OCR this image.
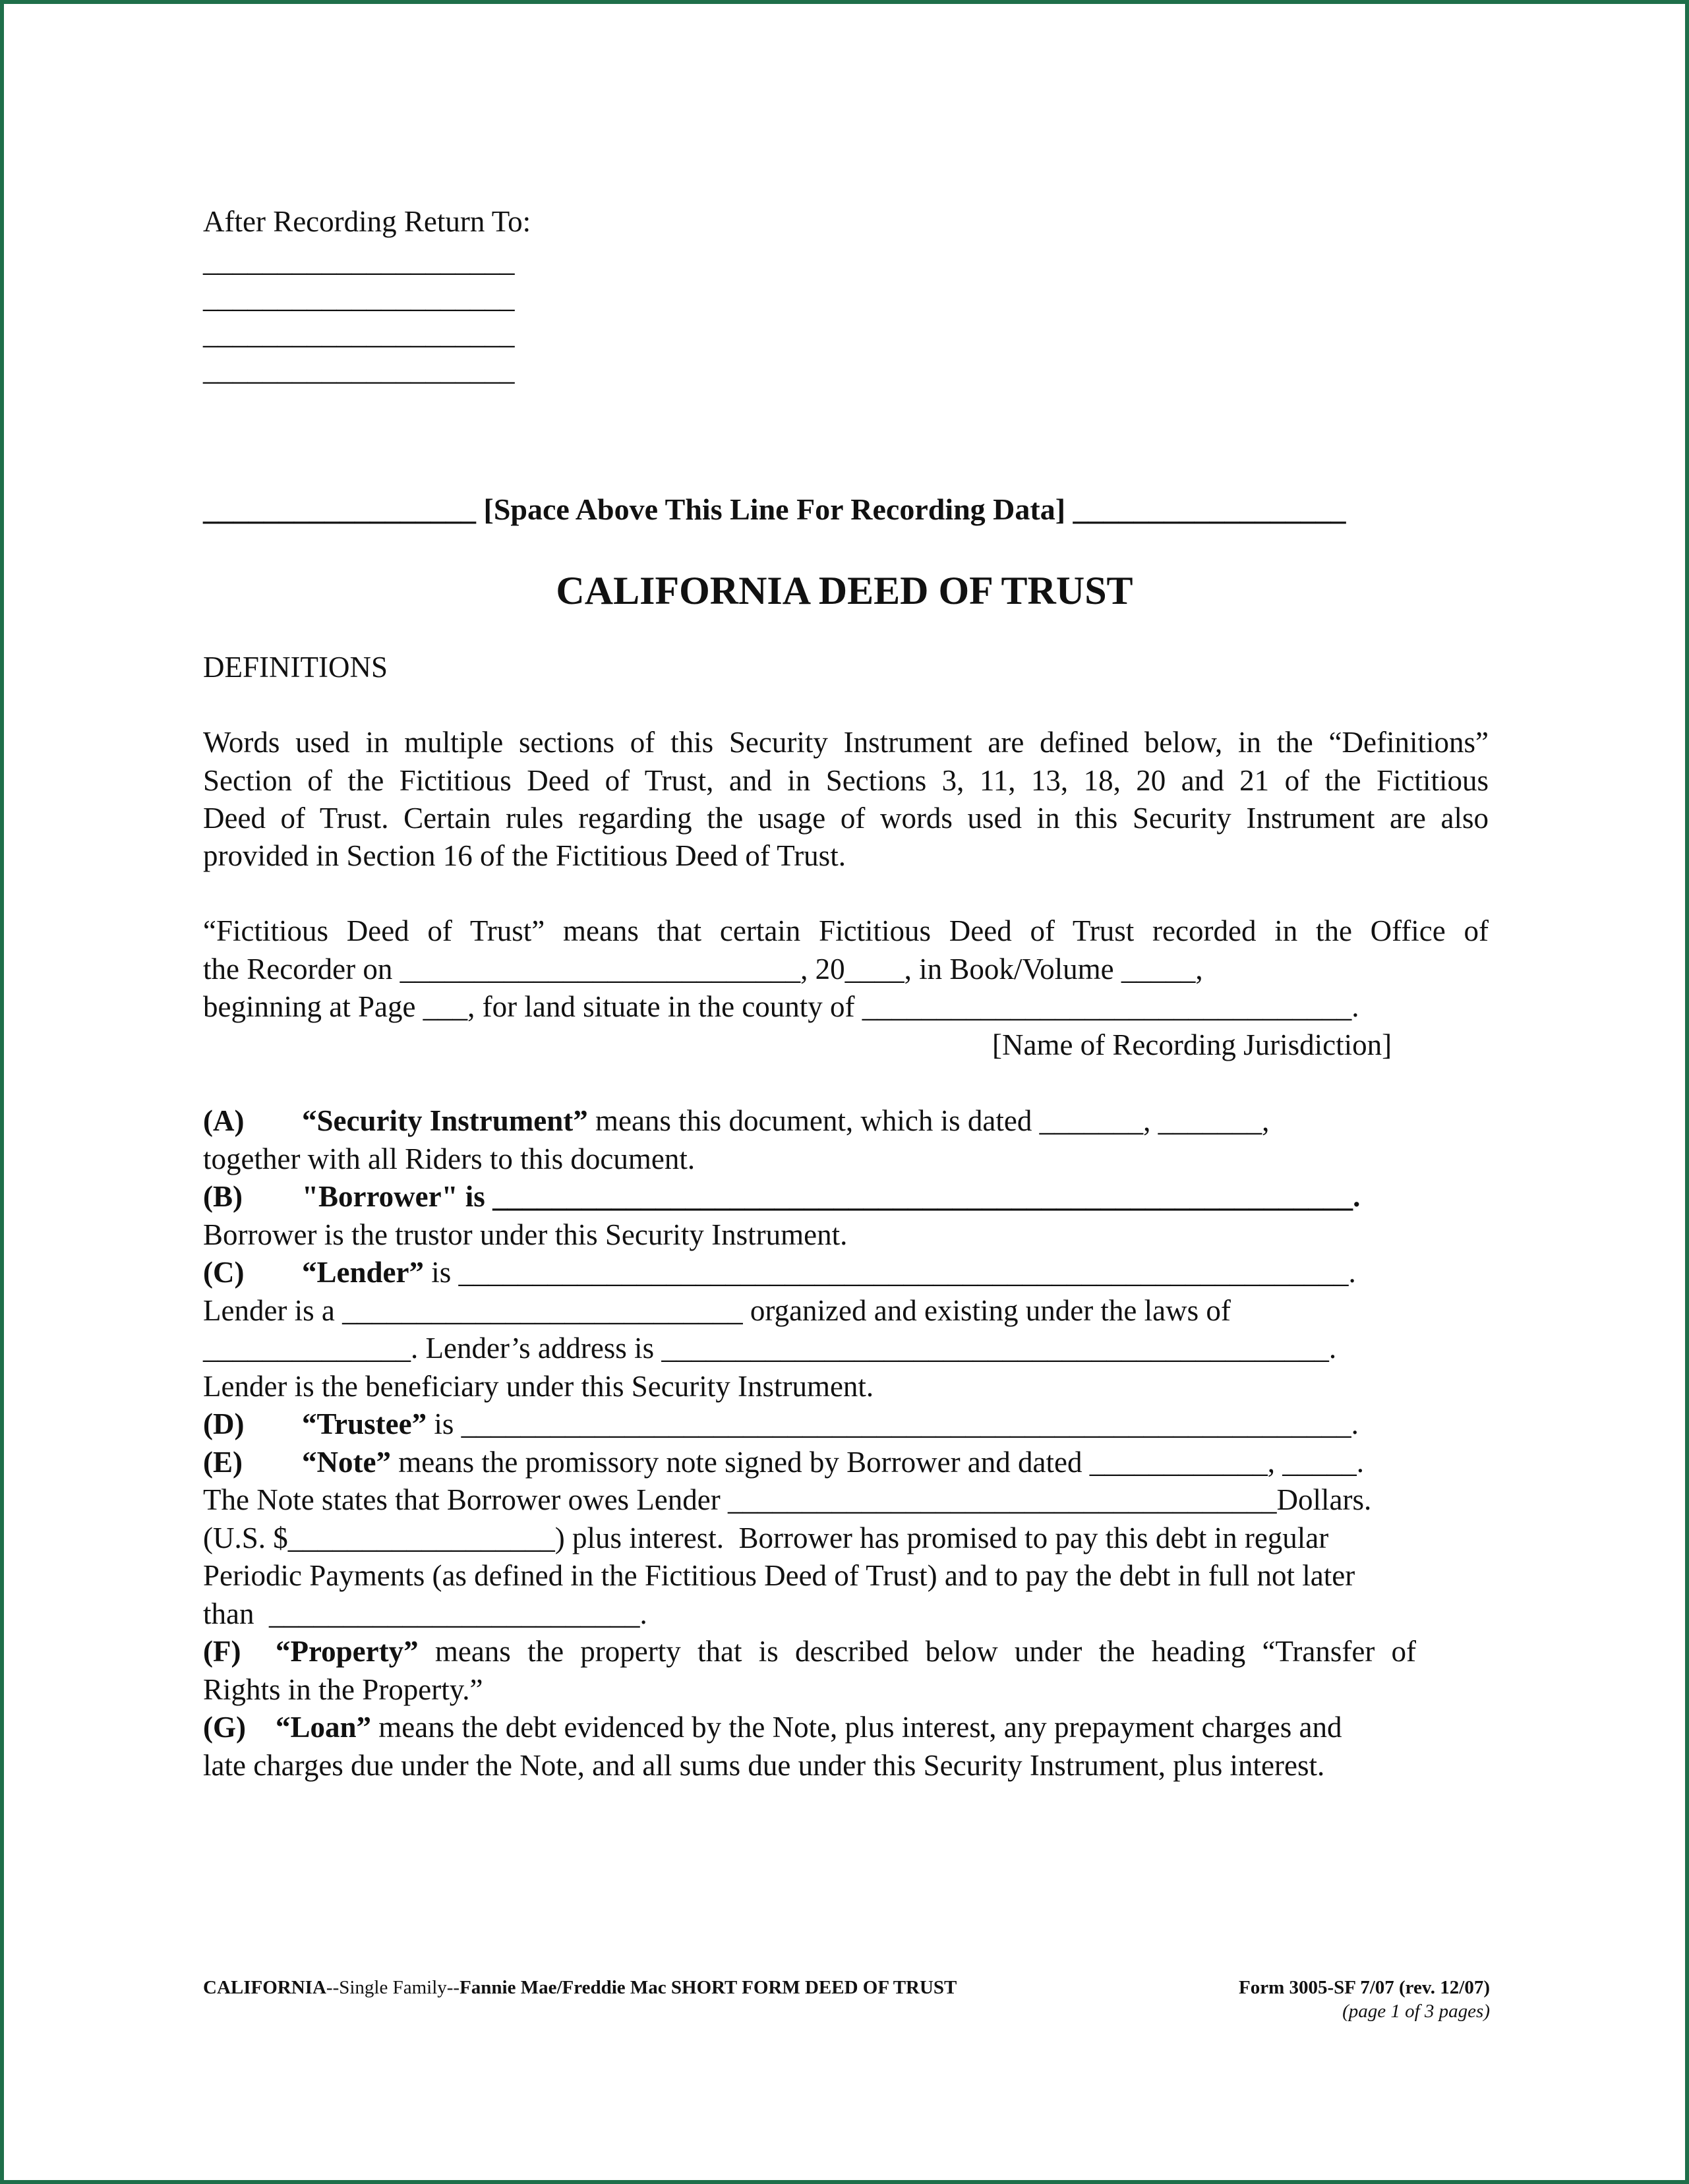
After Recording Return To:
_____________________
_____________________
_____________________
_____________________
__________________ [Space Above This Line For Recording Data] __________________
CALIFORNIA DEED OF TRUST
DEFINITIONS
Words used in multiple sections of this Security Instrument are defined below, in the “Definitions”
Section of the Fictitious Deed of Trust, and in Sections 3, 11, 13, 18, 20 and 21 of the Fictitious
Deed of Trust. Certain rules regarding the usage of words used in this Security Instrument are also
provided in Section 16 of the Fictitious Deed of Trust.
“Fictitious Deed of Trust” means that certain Fictitious Deed of Trust recorded in the Office of
the Recorder on ___________________________, 20____, in Book/Volume _____,
beginning at Page ___, for land situate in the county of _________________________________.
[Name of Recording Jurisdiction]
(A) “Security Instrument” means this document, which is dated _______, _______,
together with all Riders to this document.
(B) "Borrower" is __________________________________________________________.
Borrower is the trustor under this Security Instrument.
(C) “Lender” is ____________________________________________________________.
Lender is a ___________________________ organized and existing under the laws of
______________. Lender’s address is _____________________________________________.
Lender is the beneficiary under this Security Instrument.
(D) “Trustee” is ____________________________________________________________.
(E) “Note” means the promissory note signed by Borrower and dated ____________, _____.
The Note states that Borrower owes Lender _____________________________________Dollars.
(U.S. $__________________) plus interest.  Borrower has promised to pay this debt in regular
Periodic Payments (as defined in the Fictitious Deed of Trust) and to pay the debt in full not later
than  _________________________.
(F) “Property” means the property that is described below under the heading “Transfer of
Rights in the Property.”
(G) “Loan” means the debt evidenced by the Note, plus interest, any prepayment charges and
late charges due under the Note, and all sums due under this Security Instrument, plus interest.
CALIFORNIA--Single Family--Fannie Mae/Freddie Mac SHORT FORM DEED OF TRUST	Form 3005-SF 7/07 (rev. 12/07)
(page 1 of 3 pages)
